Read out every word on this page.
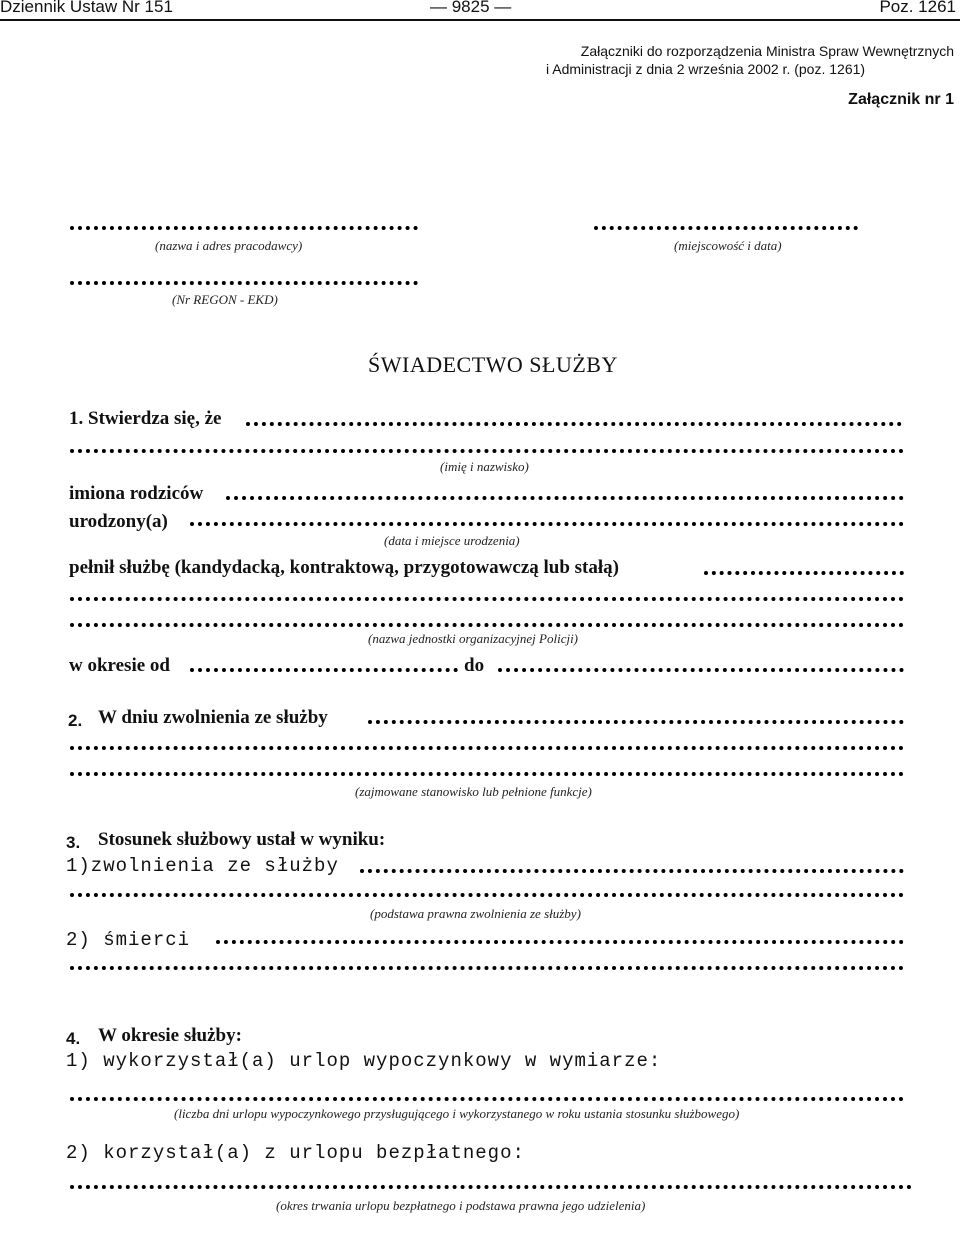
Dziennik Ustaw Nr 151	— 9825 —	Poz. 1261
Załączniki do rozporządzenia Ministra Spraw Wewnętrznych
i Administracji z dnia 2 września 2002 r. (poz. 1261)
Załącznik nr 1
(nazwa i adres pracodawcy)	(miejscowość i data)
(Nr REGON - EKD)
ŚWIADECTWO SŁUŻBY
1. Stwierdza się, że
(imię i nazwisko)
imiona rodziców
urodzony(a)
(data i miejsce urodzenia)
pełnił służbę (kandydacką, kontraktową, przygotowawczą lub stałą)
(nazwa jednostki organizacyjnej Policji)
w okresie od	do
2. W dniu zwolnienia ze służby
(zajmowane stanowisko lub pełnione funkcje)
3. Stosunek służbowy ustał w wyniku:
1)zwolnienia ze służby
(podstawa prawna zwolnienia ze służby)
2) śmierci
4. W okresie służby:
1) wykorzystał(a) urlop wypoczynkowy w wymiarze:
(liczba dni urlopu wypoczynkowego przysługującego i wykorzystanego w roku ustania stosunku służbowego)
2) korzystał(a) z urlopu bezpłatnego:
(okres trwania urlopu bezpłatnego i podstawa prawna jego udzielenia)
